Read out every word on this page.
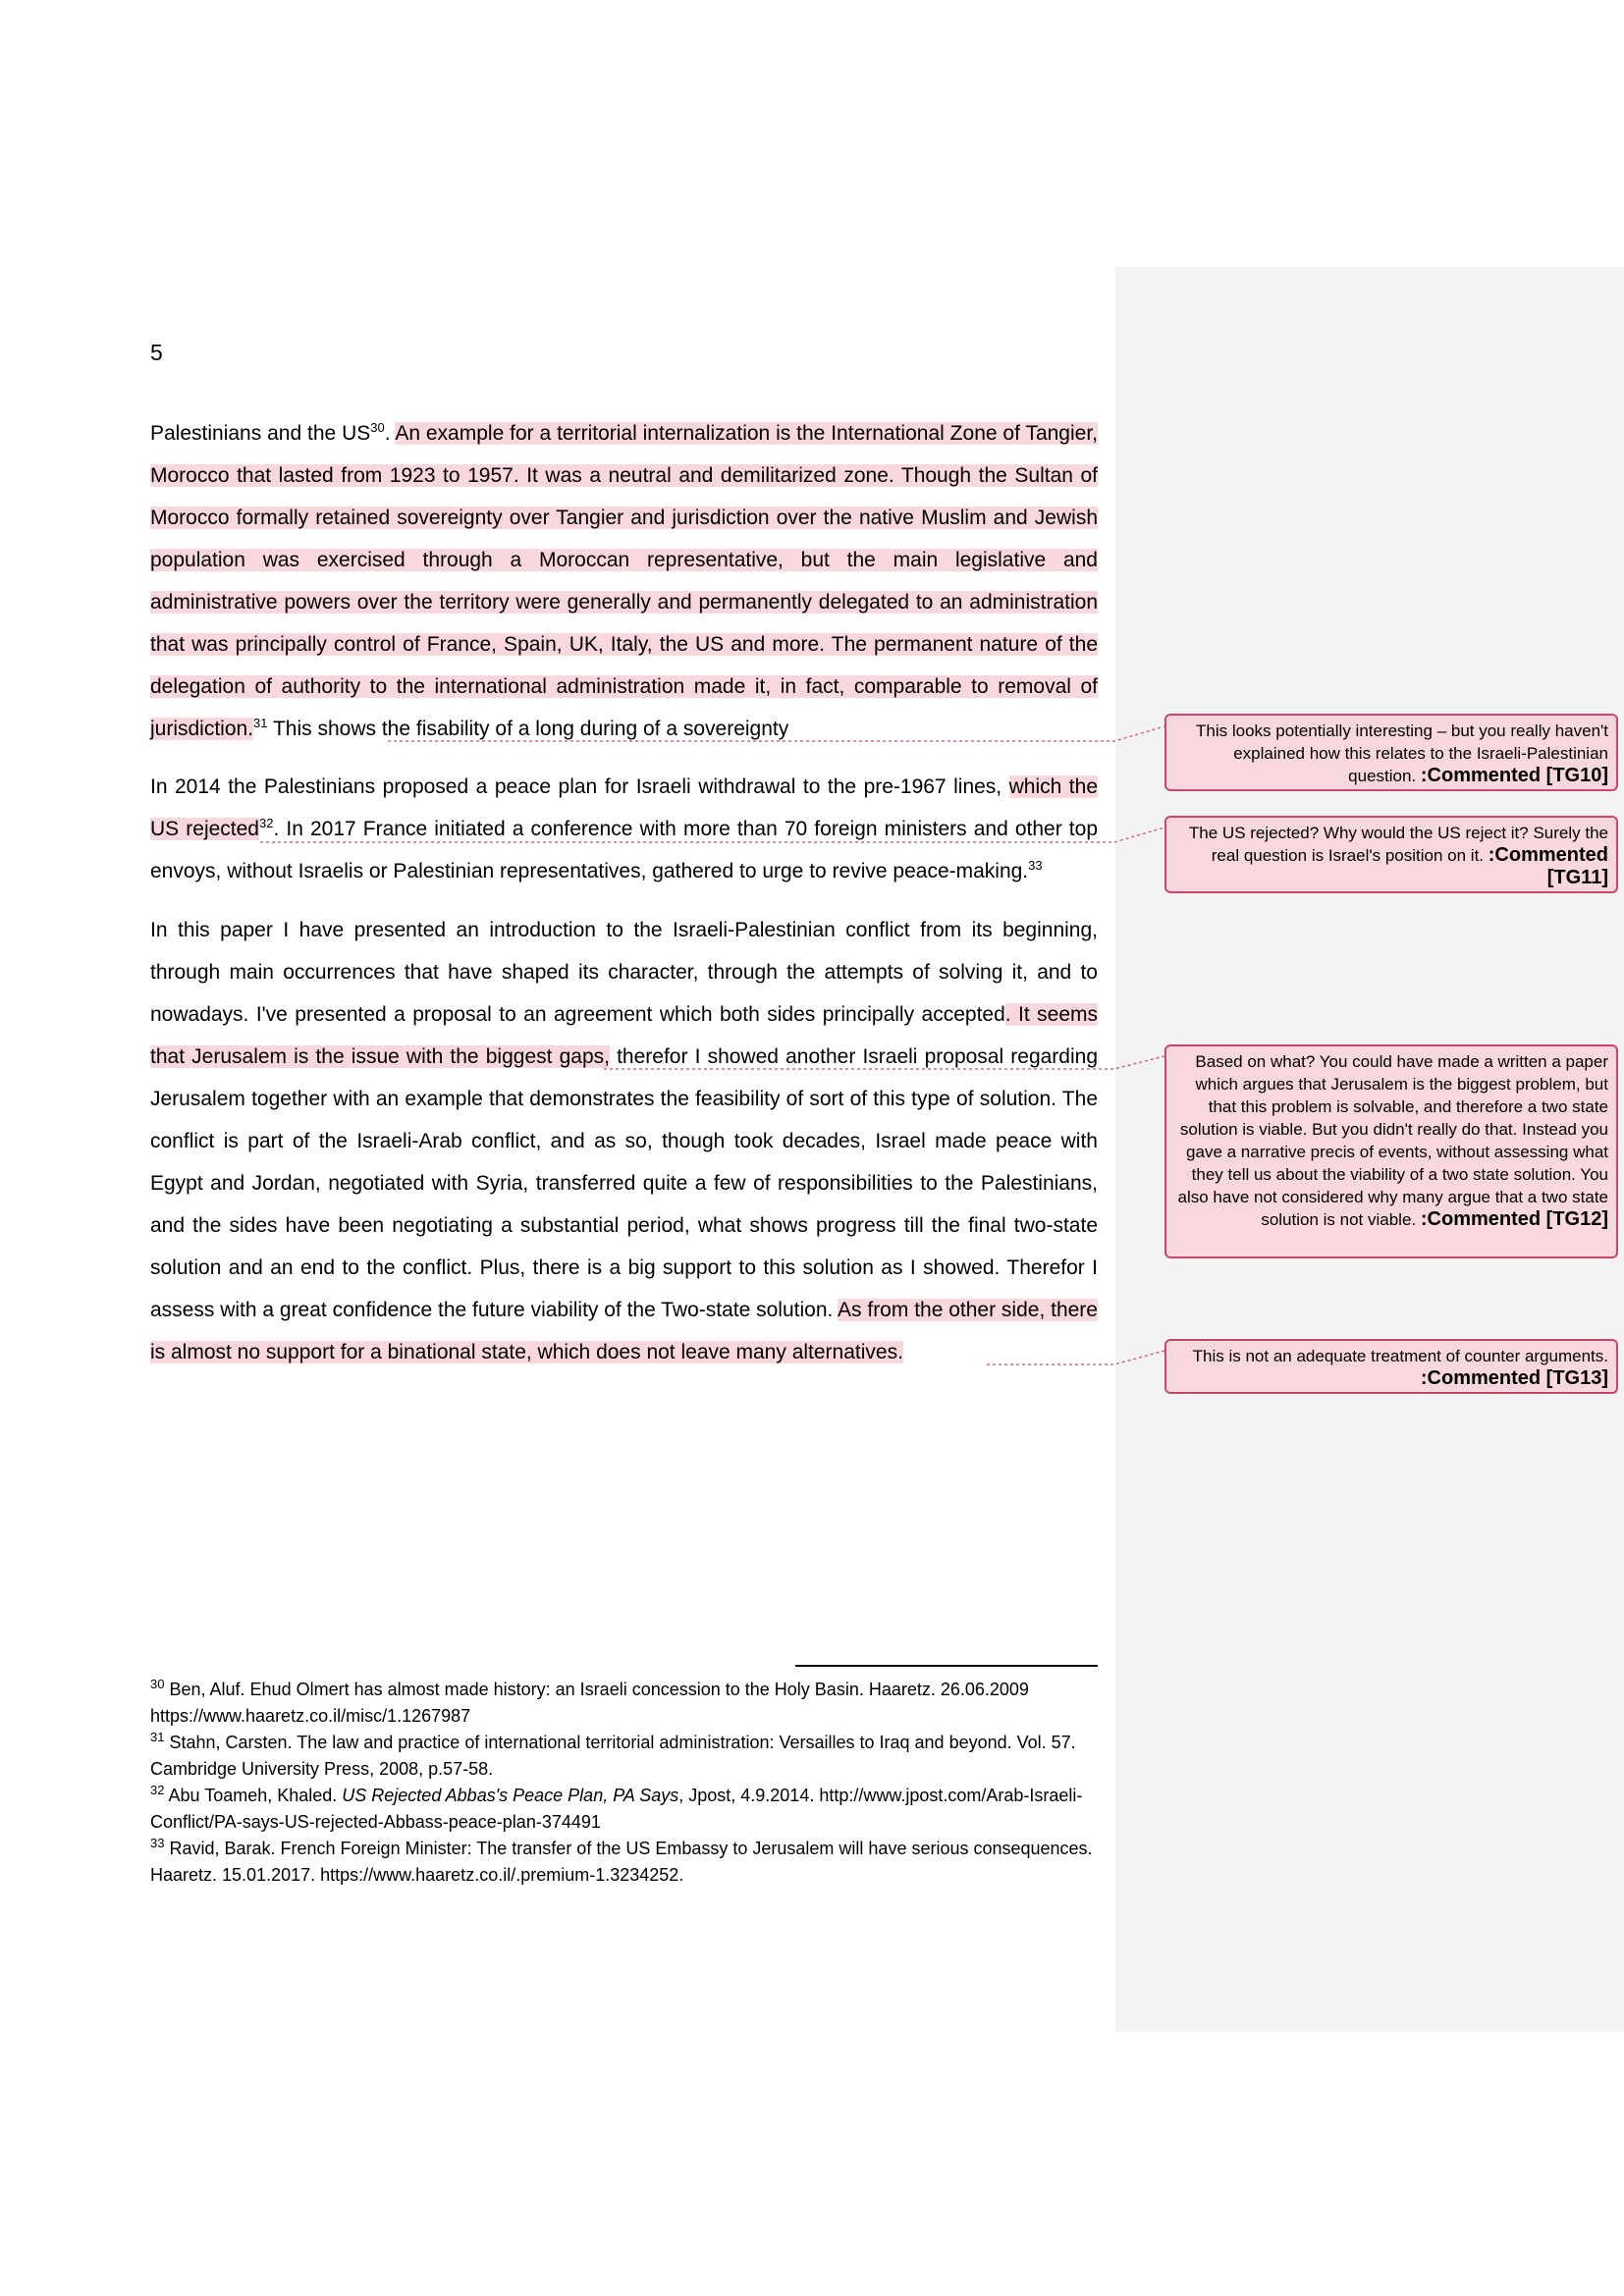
5

Palestinians and the US$^{30}$. An example for a territorial internalization is the International Zone of Tangier, Morocco that lasted from 1923 to 1957. It was a neutral and demilitarized zone. Though the Sultan of Morocco formally retained sovereignty over Tangier and jurisdiction over the native Muslim and Jewish population was exercised through a Moroccan representative, but the main legislative and administrative powers over the territory were generally and permanently delegated to an administration that was principally control of France, Spain, UK, Italy, the US and more. The permanent nature of the delegation of authority to the international administration made it, in fact, comparable to removal of jurisdiction.$^{31}$ This shows the fisability of a long during of a sovereignty

In 2014 the Palestinians proposed a peace plan for Israeli withdrawal to the pre-1967 lines, which the US rejected$^{32}$. In 2017 France initiated a conference with more than 70 foreign ministers and other top envoys, without Israelis or Palestinian representatives, gathered to urge to revive peace-making.$^{33}$

In this paper I have presented an introduction to the Israeli-Palestinian conflict from its beginning, through main occurrences that have shaped its character, through the attempts of solving it, and to nowadays. I've presented a proposal to an agreement which both sides principally accepted. It seems that Jerusalem is the issue with the biggest gaps, therefor I showed another Israeli proposal regarding Jerusalem together with an example that demonstrates the feasibility of sort of this type of solution. The conflict is part of the Israeli-Arab conflict, and as so, though took decades, Israel made peace with Egypt and Jordan, negotiated with Syria, transferred quite a few of responsibilities to the Palestinians, and the sides have been negotiating a substantial period, what shows progress till the final two-state solution and an end to the conflict. Plus, there is a big support to this solution as I showed. Therefor I assess with a great confidence the future viability of the Two-state solution. As from the other side, there is almost no support for a binational state, which does not leave many alternatives.

This looks potentially interesting – but you really haven't explained how this relates to the Israeli-Palestinian question. :Commented [TG10]
The US rejected? Why would the US reject it? Surely the real question is Israel's position on it. :Commented [TG11]
Based on what? You could have made a written a paper which argues that Jerusalem is the biggest problem, but that this problem is solvable, and therefore a two state solution is viable. But you didn't really do that. Instead you gave a narrative precis of events, without assessing what they tell us about the viability of a two state solution. You also have not considered why many argue that a two state solution is not viable. :Commented [TG12]
This is not an adequate treatment of counter arguments. :Commented [TG13]

$^{30}$ Ben, Aluf. Ehud Olmert has almost made history: an Israeli concession to the Holy Basin. Haaretz. 26.06.2009 https://www.haaretz.co.il/misc/1.1267987

$^{31}$ Stahn, Carsten. The law and practice of international territorial administration: Versailles to Iraq and beyond. Vol. 57. Cambridge University Press, 2008, p.57-58.

$^{32}$ Abu Toameh, Khaled. US Rejected Abbas's Peace Plan, PA Says, Jpost, 4.9.2014. http://www.jpost.com/Arab-Israeli-Conflict/PA-says-US-rejected-Abbass-peace-plan-374491

$^{33}$ Ravid, Barak. French Foreign Minister: The transfer of the US Embassy to Jerusalem will have serious consequences. Haaretz. 15.01.2017. https://www.haaretz.co.il/.premium-1.3234252.
